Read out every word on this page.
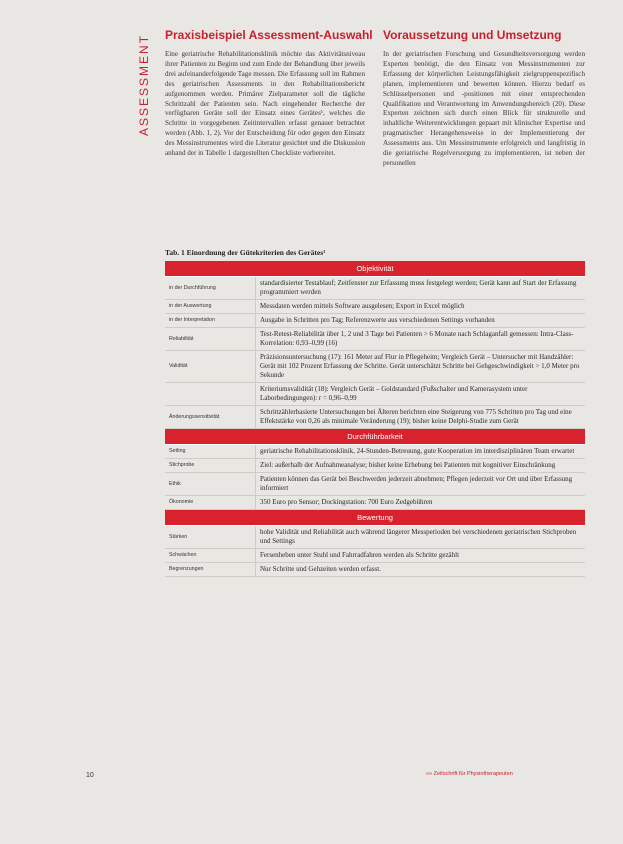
ASSESSMENT	Praxisbeispiel Assessment-Auswahl

Eine geriatrische Rehabilitationsklinik möchte das Aktivitätsniveau ihrer Patienten zu Beginn und zum Ende der Behandlung über jeweils drei aufeinanderfolgende Tage messen. Die Erfassung soll im Rahmen des geriatrischen Assessments in den Rehabilitationsbericht aufgenommen werden. Primärer Zielparameter soll die tägliche Schrittzahl der Patienten sein. Nach eingehender Recherche der verfügbaren Geräte soll der Einsatz eines Gerätes¹, welches die Schritte in vorgegebenen Zeitintervallen erfasst genauer betrachtet werden (Abb. 1, 2). Vor der Entscheidung für oder gegen den Einsatz des Messinstrumentes wird die Literatur gesichtet und die Diskussion anhand der in Tabelle 1 dargestellten Checkliste vorbereitet.

Voraussetzung und Umsetzung

In der geriatrischen Forschung und Gesundheitsversorgung werden Experten benötigt, die den Einsatz von Messinstrumenten zur Erfassung der körperlichen Leistungsfähigkeit zielgruppenspezifisch planen, implementieren und bewerten können. Hierzu bedarf es Schlüsselpersonen und -positionen mit einer entsprechenden Qualifikation und Verantwortung im Anwendungsbereich (20). Diese Experten zeichnen sich durch einen Blick für strukturelle und inhaltliche Weiterentwicklungen gepaart mit klinischer Expertise und pragmatischer Herangehensweise in der Implementierung der Assessments aus. Um Messinstrumente erfolgreich und langfristig in die geriatrische Regelversorgung zu implementieren, ist neben der personellen

Tab. 1 Einordnung der Gütekriterien des Gerätes¹
Objektivität	
in der Durchführung	standardisierter Testablauf; Zeitfenster zur Erfassung muss festgelegt werden; Gerät kann auf Start der Erfassung programmiert werden
in der Auswertung	Messdaten werden mittels Software ausgelesen; Export in Excel möglich
in der Interpretation	Ausgabe in Schritten pro Tag; Referenzwerte aus verschiedenen Settings vorhanden
Reliabilität	Test-Retest-Reliabilität über 1, 2 und 3 Tage bei Patienten > 6 Monate nach Schlaganfall gemessen: Intra-Class-Korrelation: 0,93–0,99 (16)
Validität	Präzisionsuntersuchung (17): 161 Meter auf Flur in Pflegeheim; Vergleich Gerät – Untersucher mit Handzähler: Gerät mit 102 Prozent Erfassung der Schritte. Gerät unterschätzt Schritte bei Gehgeschwindigkeit > 1,0 Meter pro Sekunde
	Kriteriumsvalidität (18): Vergleich Gerät – Goldstandard (Fußschalter und Kamerasystem unter Laborbedingungen): r = 0,96–0,99
Änderungssensitivität	Schrittzählerbasierte Untersuchungen bei Älteren berichten eine Steigerung von 775 Schritten pro Tag und eine Effektstärke von 0,26 als minimale Veränderung (19); bisher keine Delphi-Studie zum Gerät
Durchführbarkeit	
Setting	geriatrische Rehabilitationsklinik, 24-Stunden-Betreuung, gute Kooperation im interdisziplinären Team erwartet
Stichprobe	Ziel: außerhalb der Aufnahmeanalyse; bisher keine Erhebung bei Patienten mit kognitiver Einschränkung
Ethik	Patienten können das Gerät bei Beschwerden jederzeit abnehmen; Pflegen jederzeit vor Ort und über Erfassung informiert
Ökonomie	350 Euro pro Sensor; Dockingstation: 700 Euro Zedgebühren
Bewertung	
Stärken	hohe Validität und Reliabilität auch während längerer Messperioden bei verschiedenen geriatrischen Stichproben und Settings
Schwächen	Fersenheben unter Stuhl und Fahrradfahren werden als Schritte gezählt
Begrenzungen	Nur Schritte und Gehzeiten werden erfasst.
10	»» Zeitschrift für Physiotherapeuten
